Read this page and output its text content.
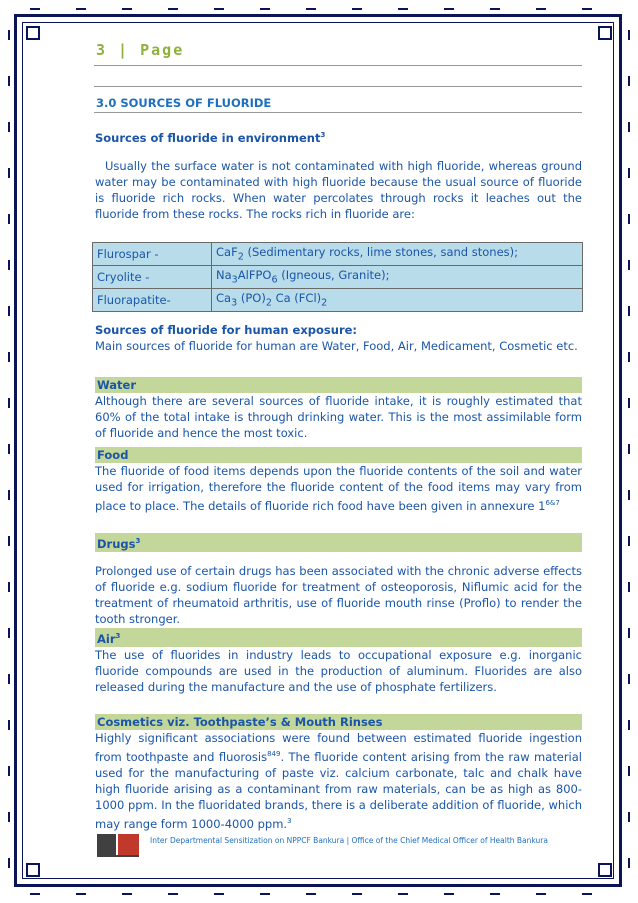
3 | Page
3.0 SOURCES OF FLUORIDE
Sources of fluoride in environment$^3$
Usually the surface water is not contaminated with high fluoride, whereas ground water may be contaminated with high fluoride because the usual source of fluoride is fluoride rich rocks. When water percolates through rocks it leaches out the fluoride from these rocks. The rocks rich in fluoride are:
Flurospar -	CaF$_2$ (Sedimentary rocks, lime stones, sand stones);
Cryolite -	$Na_3AlFPO_6$ (Igneous, Granite);
Fluorapatite-	$Ca_3$ $(PO)_2$ Ca $(FCl)_2$
Sources of fluoride for human exposure:
Main sources of fluoride for human are Water, Food, Air, Medicament, Cosmetic etc.
Water
Although there are several sources of fluoride intake, it is roughly estimated that 60% of the total intake is through drinking water. This is the most assimilable form of fluoride and hence the most toxic.
Food
The fluoride of food items depends upon the fluoride contents of the soil and water used for irrigation, therefore the fluoride content of the food items may vary from place to place. The details of fluoride rich food have been given in annexure $1^{6\&7}$
Drugs$^3$
Prolonged use of certain drugs has been associated with the chronic adverse effects of fluoride e.g. sodium fluoride for treatment of osteoporosis, Niflumic acid for the treatment of rheumatoid arthritis, use of fluoride mouth rinse (Proflo) to render the tooth stronger.
Air$^3$
The use of fluorides in industry leads to occupational exposure e.g. inorganic fluoride compounds are used in the production of aluminum. Fluorides are also released during the manufacture and the use of phosphate fertilizers.
Cosmetics viz. Toothpaste’s & Mouth Rinses
Highly significant associations were found between estimated fluoride ingestion from toothpaste and fluorosis$^{849}$. The fluoride content arising from the raw material used for the manufacturing of paste viz. calcium carbonate, talc and chalk have high fluoride arising as a contaminant from raw materials, can be as high as 800-1000 ppm. In the fluoridated brands, there is a deliberate addition of fluoride, which may range form 1000-4000 ppm.$^3$
Inter Departmental Sensitization on NPPCF Bankura | Office of the Chief Medical Officer of Health Bankura
